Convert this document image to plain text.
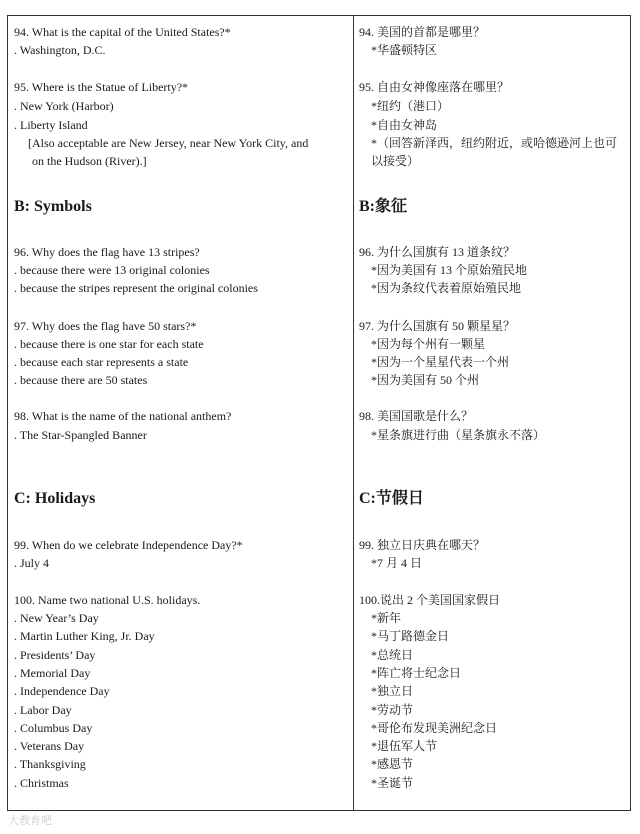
94. What is the capital of the United States?*
. Washington, D.C.
95. Where is the Statue of Liberty?*
. New York (Harbor)
. Liberty Island
[Also acceptable are New Jersey, near New York City, and
on the Hudson (River).]
B: Symbols
96. Why does the flag have 13 stripes?
. because there were 13 original colonies
. because the stripes represent the original colonies
97. Why does the flag have 50 stars?*
. because there is one star for each state
. because each star represents a state
. because there are 50 states
98. What is the name of the national anthem?
. The Star-Spangled Banner
C: Holidays
99. When do we celebrate Independence Day?*
. July 4
100. Name two national U.S. holidays.
. New Year’s Day
. Martin Luther King, Jr. Day
. Presidents’ Day
. Memorial Day
. Independence Day
. Labor Day
. Columbus Day
. Veterans Day
. Thanksgiving
. Christmas
94. 美国的首都是哪里？
*华盛顿特区
95. 自由女神像座落在哪里？
*纽约（港口）
*自由女神岛
*（回答新泽西，纽约附近，或哈德逊河上也可
以接受）
B:象征
96. 为什么国旗有 13 道条纹？
*因为美国有 13 个原始殖民地
*因为条纹代表着原始殖民地
97. 为什么国旗有 50 颗星星？
*因为每个州有一颗星
*因为一个星星代表一个州
*因为美国有 50 个州
98. 美国国歌是什么？
*星条旗进行曲（星条旗永不落）
C:节假日
99. 独立日庆典在哪天？
*7 月 4 日
100.说出 2 个美国国家假日
*新年
*马丁路德金日
*总统日
*阵亡将士纪念日
*独立日
*劳动节
*哥伦布发现美洲纪念日
*退伍军人节
*感恩节
*圣诞节
大教育吧
